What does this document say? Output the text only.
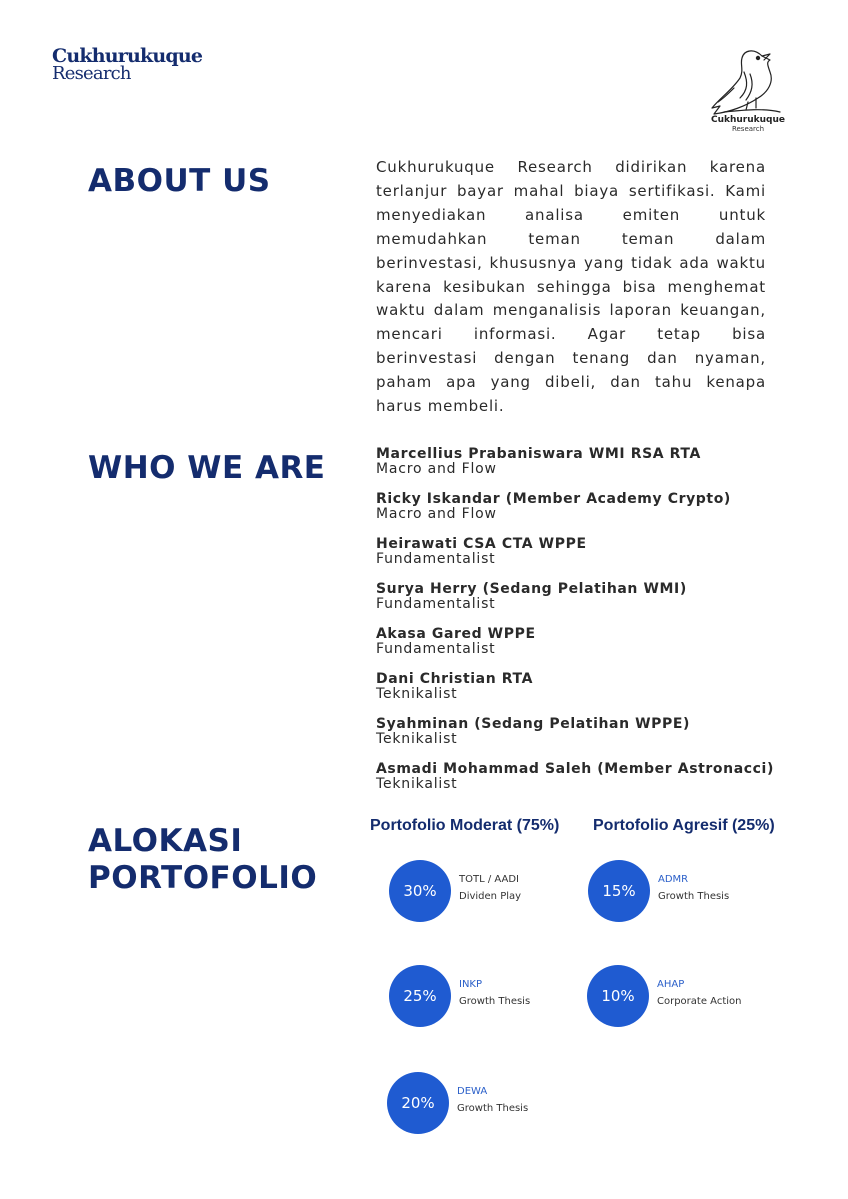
Cukhurukuque
Research
Cukhurukuque
Research
ABOUT US	Cukhurukuque Research didirikan karena terlanjur bayar mahal biaya sertifikasi. Kami menyediakan analisa emiten untuk memudahkan teman teman dalam berinvestasi, khususnya yang tidak ada waktu karena kesibukan sehingga bisa menghemat waktu dalam menganalisis laporan keuangan, mencari informasi. Agar tetap bisa berinvestasi dengan tenang dan nyaman, paham apa yang dibeli, dan tahu kenapa harus membeli.
WHO WE ARE	Marcellius Prabaniswara WMI RSA RTA
Macro and Flow
Ricky Iskandar (Member Academy Crypto)
Macro and Flow
Heirawati CSA CTA WPPE
Fundamentalist
Surya Herry (Sedang Pelatihan WMI)
Fundamentalist
Akasa Gared WPPE
Fundamentalist
Dani Christian RTA
Teknikalist
Syahminan (Sedang Pelatihan WPPE)
Teknikalist
Asmadi Mohammad Saleh (Member Astronacci)
Teknikalist
ALOKASI
PORTOFOLIO
Portofolio Moderat (75%) Portofolio Agresif (25%)
30%
TOTL / AADI
Dividen Play
25%
INKP
Growth Thesis
20%
DEWA
Growth Thesis
15%
ADMR
Growth Thesis
10%
AHAP
Corporate Action
